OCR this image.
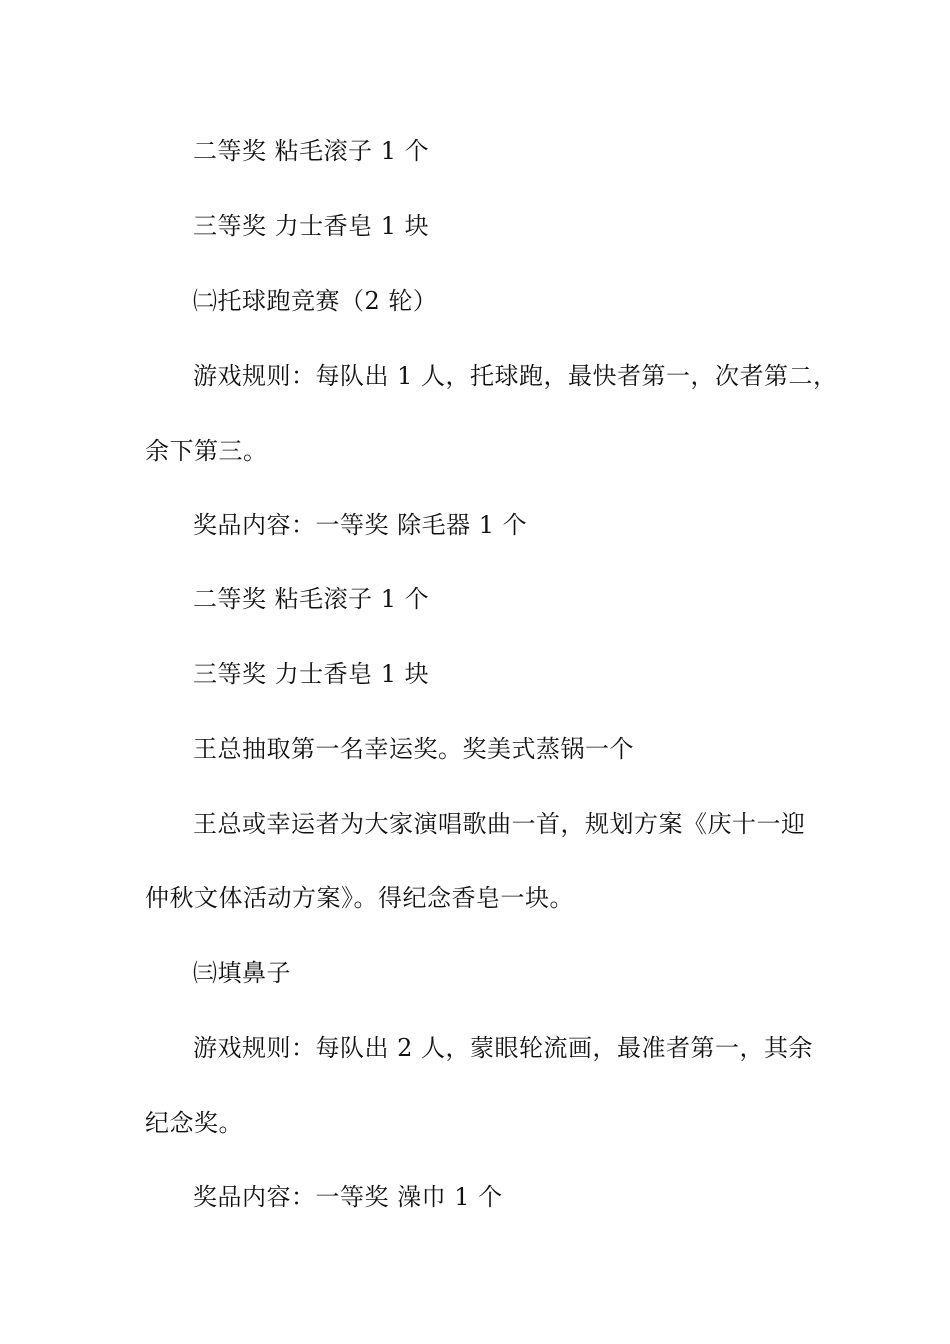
二等奖 粘毛滚子 1 个
三等奖 力士香皂 1 块
㈡托球跑竞赛（2 轮）
游戏规则：每队出 1 人，托球跑，最快者第一，次者第二，
余下第三。
奖品内容：一等奖 除毛器 1 个
二等奖 粘毛滚子 1 个
三等奖 力士香皂 1 块
王总抽取第一名幸运奖。奖美式蒸锅一个
王总或幸运者为大家演唱歌曲一首，规划方案《庆十一迎
仲秋文体活动方案》。得纪念香皂一块。
㈢填鼻子
游戏规则：每队出 2 人，蒙眼轮流画，最准者第一，其余
纪念奖。
奖品内容：一等奖 澡巾 1 个
